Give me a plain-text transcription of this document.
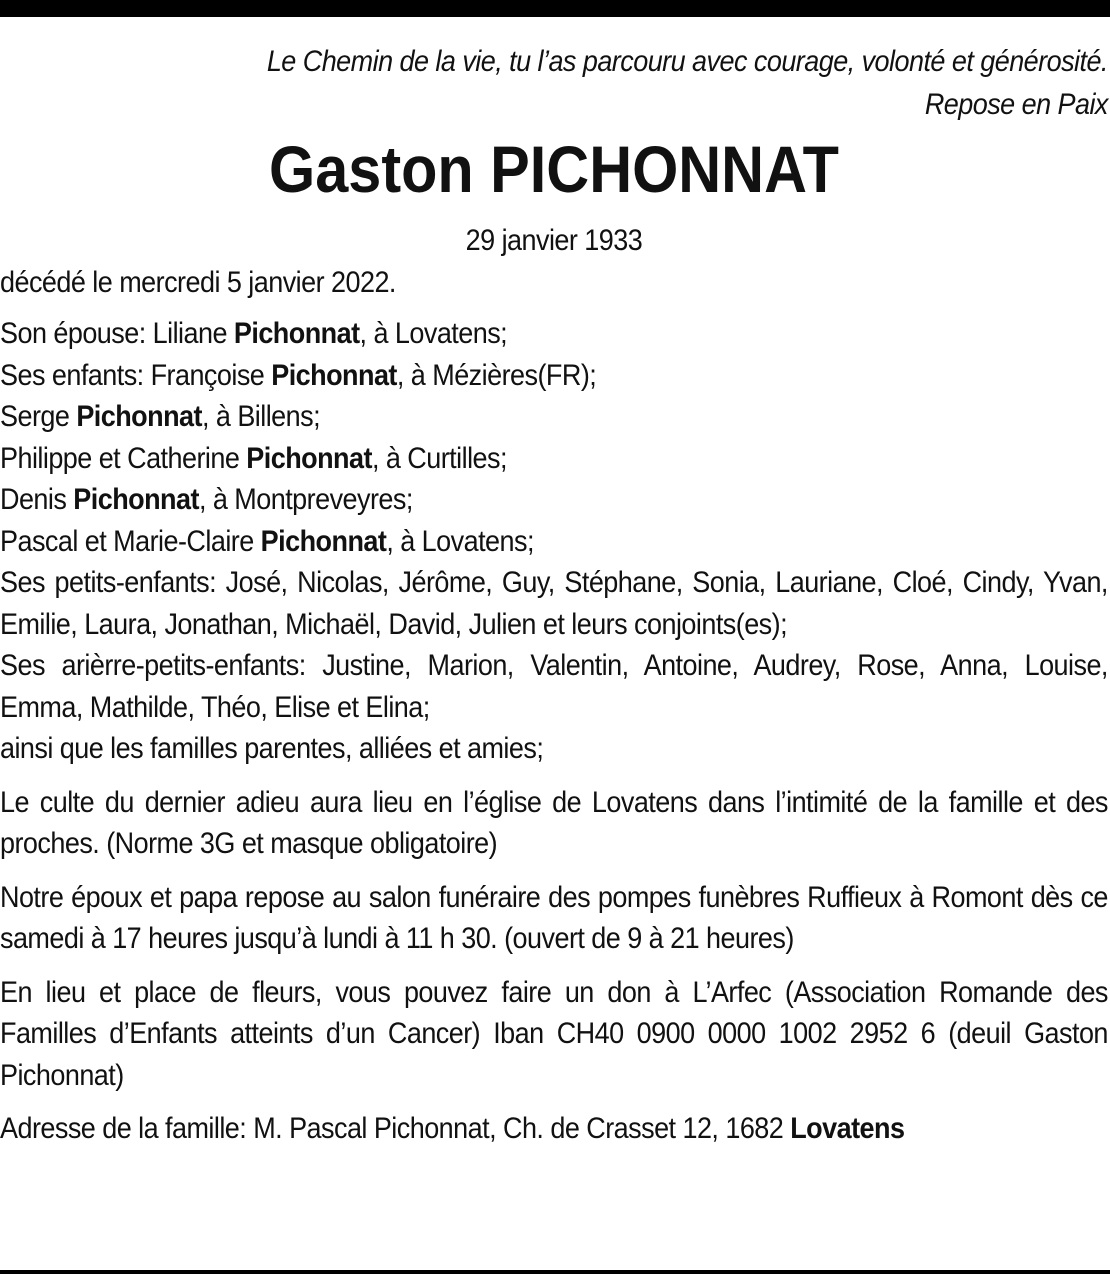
Le Chemin de la vie, tu l’as parcouru avec courage, volonté et générosité.
Repose en Paix
Gaston PICHONNAT
29 janvier 1933
décédé le mercredi 5 janvier 2022.
Son épouse: Liliane Pichonnat, à Lovatens;
Ses enfants: Françoise Pichonnat, à Mézières(FR);
Serge Pichonnat, à Billens;
Philippe et Catherine Pichonnat, à Curtilles;
Denis Pichonnat, à Montpreveyres;
Pascal et Marie-Claire Pichonnat, à Lovatens;
Ses petits-enfants: José, Nicolas, Jérôme, Guy, Stéphane, Sonia, Lauriane, Cloé, Cindy, Yvan, Emilie, Laura, Jonathan, Michaël, David, Julien et leurs conjoints(es);
Ses arièrre-petits-enfants: Justine, Marion, Valentin, Antoine, Audrey, Rose, Anna, Louise, Emma, Mathilde, Théo, Elise et Elina;
ainsi que les familles parentes, alliées et amies;
Le culte du dernier adieu aura lieu en l’église de Lovatens dans l’intimité de la famille et des proches. (Norme 3G et masque obligatoire)
Notre époux et papa repose au salon funéraire des pompes funèbres Ruffieux à Romont dès ce samedi à 17 heures jusqu’à lundi à 11 h 30. (ouvert de 9 à 21 heures)
En lieu et place de fleurs, vous pouvez faire un don à L’Arfec (Association Romande des Familles d’Enfants atteints d’un Cancer) Iban CH40 0900 0000 1002 2952 6 (deuil Gaston Pichonnat)
Adresse de la famille: M. Pascal Pichonnat, Ch. de Crasset 12, 1682 Lovatens
